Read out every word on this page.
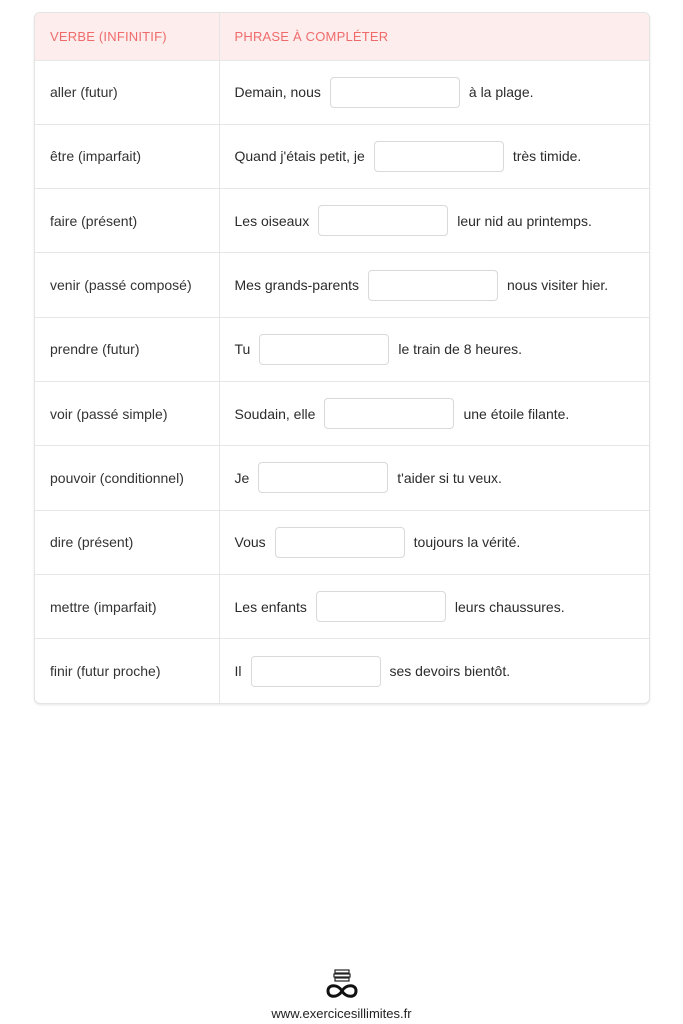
VERBE (INFINITIF)	PHRASE À COMPLÉTER
aller (futur)	Demain, nous à la plage.

être (imparfait)	Quand j'étais petit, je très timide.

faire (présent)	Les oiseaux leur nid au printemps.

venir (passé composé)	Mes grands-parents nous visiter hier.

prendre (futur)	Tu le train de 8 heures.

voir (passé simple)	Soudain, elle une étoile filante.

pouvoir (conditionnel)	Je t'aider si tu veux.

dire (présent)	Vous toujours la vérité.

mettre (imparfait)	Les enfants leurs chaussures.

finir (futur proche)	Il ses devoirs bientôt.
www.exercicesillimites.fr
